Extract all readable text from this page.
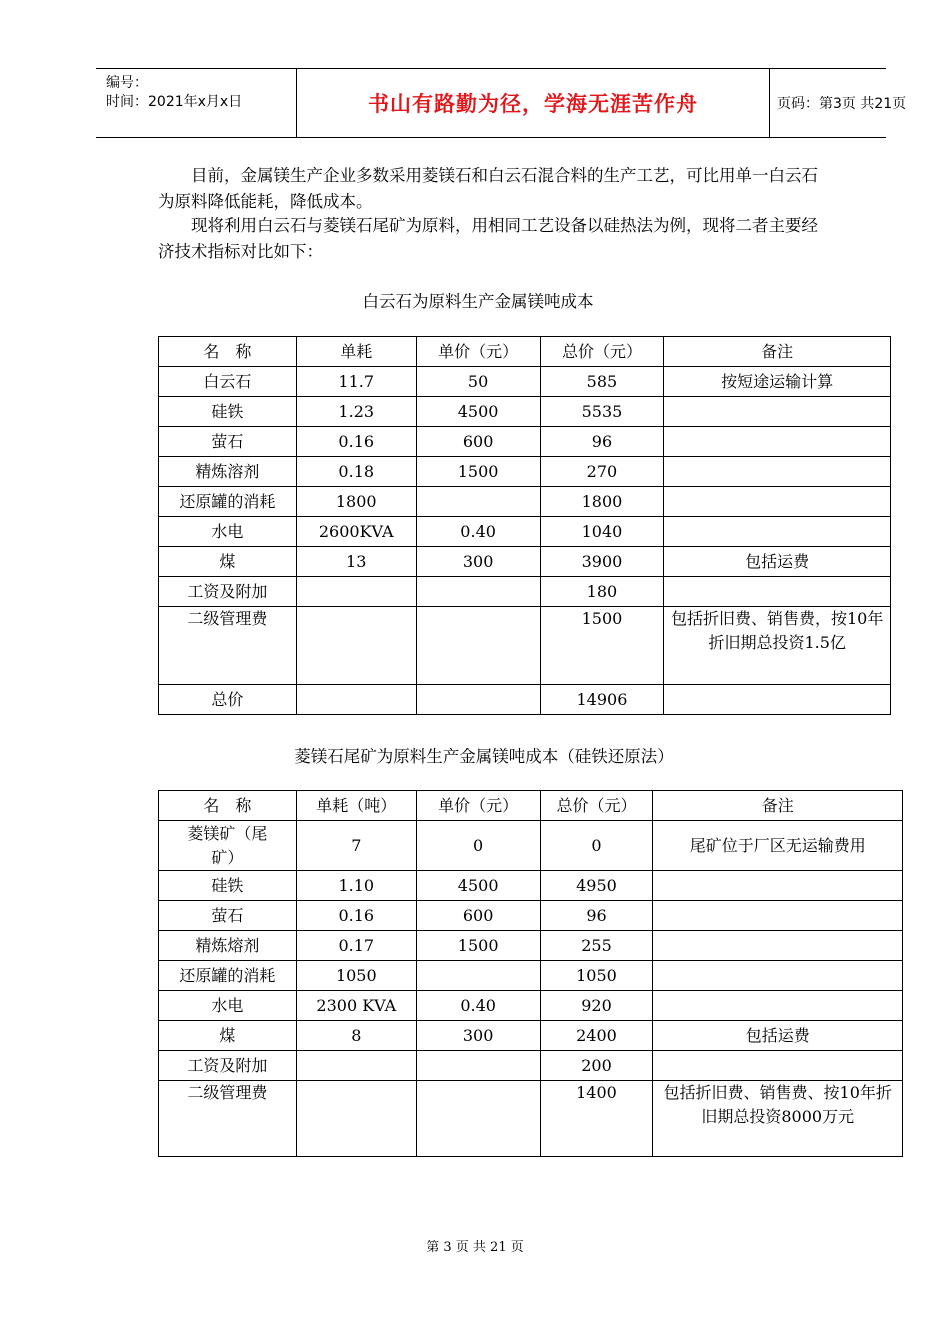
编号：
时间：2021年x月x日	书山有路勤为径，学海无涯苦作舟	页码：第3页 共21页
目前，金属镁生产企业多数采用菱镁石和白云石混合料的生产工艺，可比用单一白云石为原料降低能耗，降低成本。
现将利用白云石与菱镁石尾矿为原料，用相同工艺设备以硅热法为例，现将二者主要经济技术指标对比如下：
白云石为原料生产金属镁吨成本
名　称	单耗	单价（元）	总价（元）	备注
白云石	11.7	50	585	按短途运输计算
硅铁	1.23	4500	5535	
萤石	0.16	600	96	
精炼溶剂	0.18	1500	270	
还原罐的消耗	1800		1800	
水电	2600KVA	0.40	1040	
煤	13	300	3900	包括运费
工资及附加			180	
二级管理费			1500	包括折旧费、销售费，按10年折旧期总投资1.5亿
总价			14906	
菱镁石尾矿为原料生产金属镁吨成本（硅铁还原法）
名　称	单耗（吨）	单价（元）	总价（元）	备注
菱镁矿（尾矿）	7	0	0	尾矿位于厂区无运输费用
硅铁	1.10	4500	4950	
萤石	0.16	600	96	
精炼熔剂	0.17	1500	255	
还原罐的消耗	1050		1050	
水电	2300 KVA	0.40	920	
煤	8	300	2400	包括运费
工资及附加			200	
二级管理费			1400	包括折旧费、销售费、按10年折旧期总投资8000万元
第 3 页 共 21 页
